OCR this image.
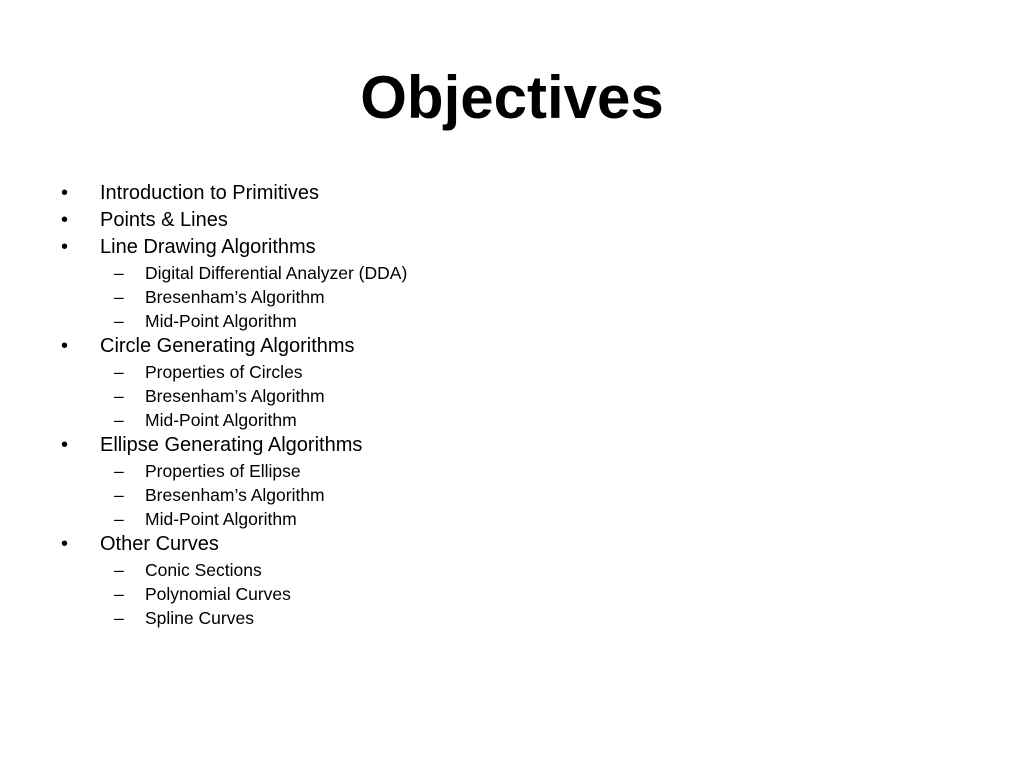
Objectives
• Introduction to Primitives
• Points & Lines
• Line Drawing Algorithms
– Digital Differential Analyzer (DDA)
– Bresenham’s Algorithm
– Mid-Point Algorithm
• Circle Generating Algorithms
– Properties of Circles
– Bresenham’s Algorithm
– Mid-Point Algorithm
• Ellipse Generating Algorithms
– Properties of Ellipse
– Bresenham’s Algorithm
– Mid-Point Algorithm
• Other Curves
– Conic Sections
– Polynomial Curves
– Spline Curves
